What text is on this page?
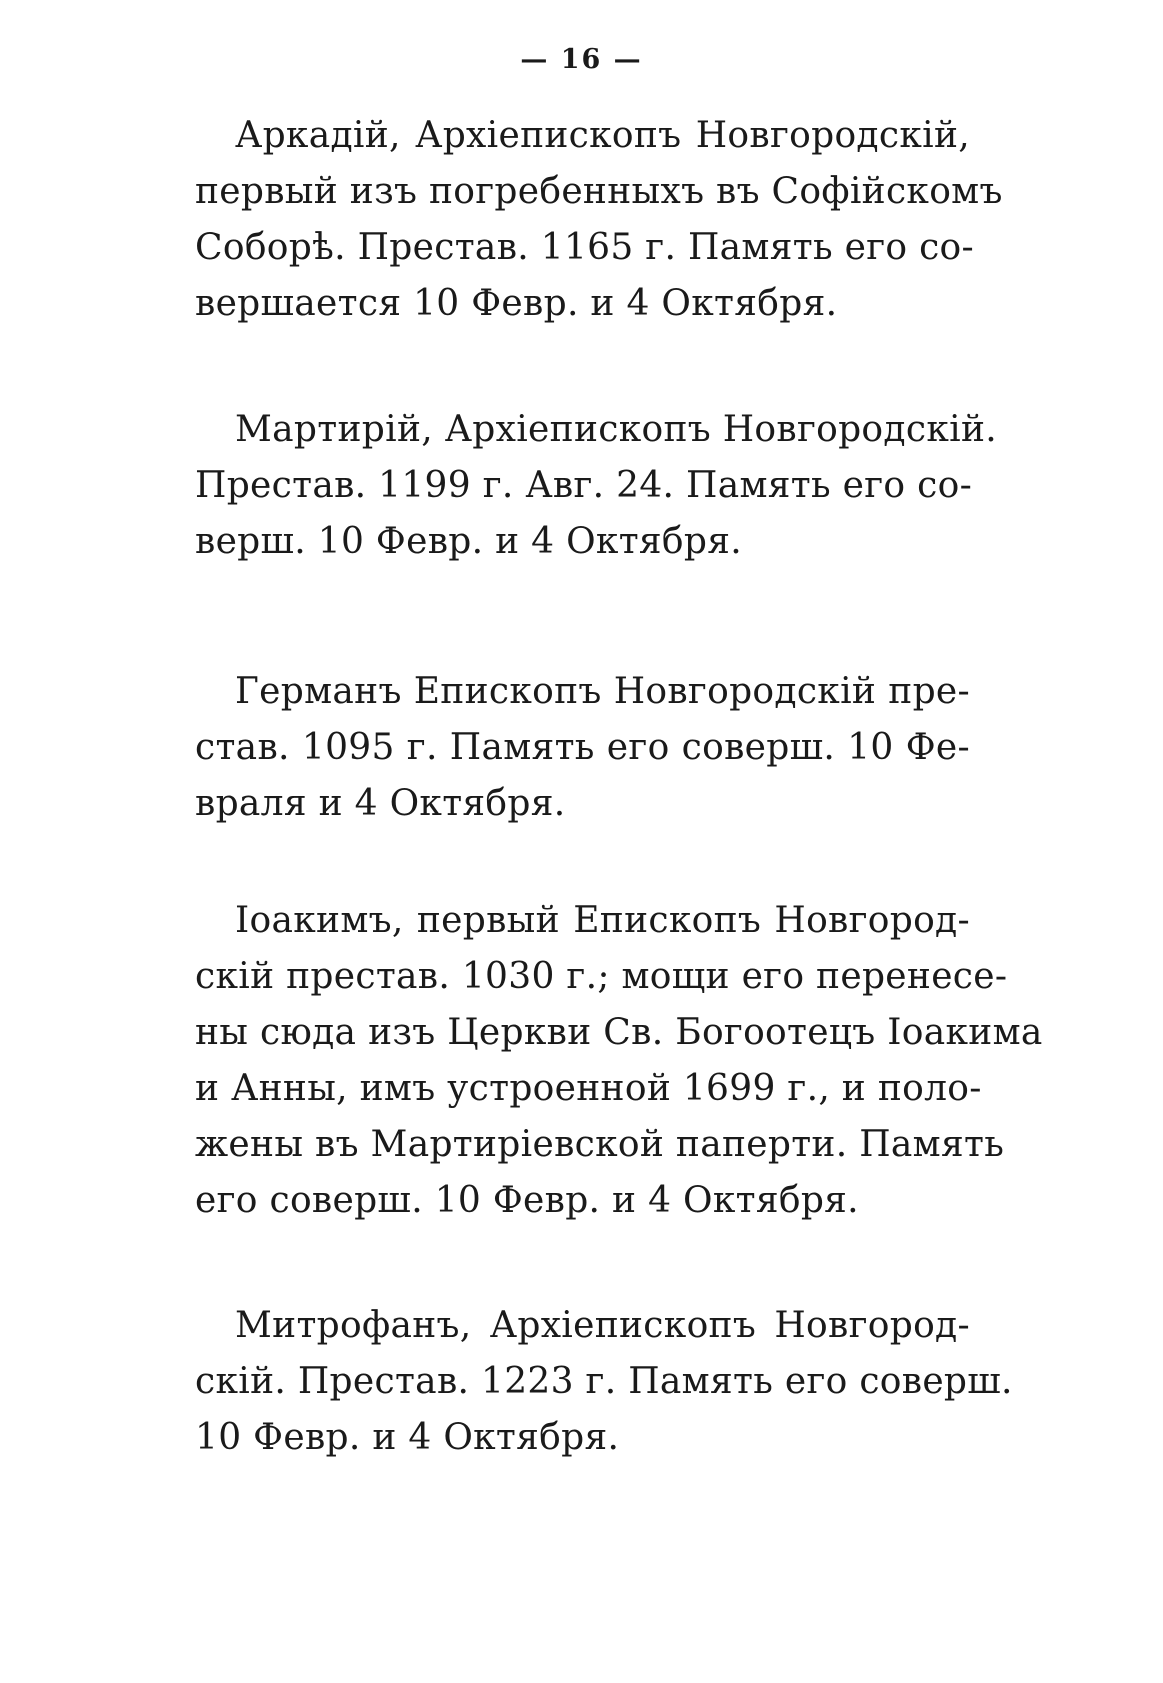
— 16 —
Аркадій, Архіепископъ Новгородскій,
первый изъ погребенныхъ въ Софійскомъ
Соборѣ. Престав. 1165 г. Память его со-
вершается 10 Февр. и 4 Октября.
Мартирій, Архіепископъ Новгородскій.
Престав. 1199 г. Авг. 24. Память его со-
верш. 10 Февр. и 4 Октября.
Германъ Епископъ Новгородскій пре-
став. 1095 г. Память его соверш. 10 Фе-
враля и 4 Октября.
Іоакимъ, первый Епископъ Новгород-
скій престав. 1030 г.; мощи его перенесе-
ны сюда изъ Церкви Св. Богоотецъ Іоакима
и Анны, имъ устроенной 1699 г., и поло-
жены въ Мартиріевской паперти. Память
его соверш. 10 Февр. и 4 Октября.
Митрофанъ, Архіепископъ Новгород-
скій. Престав. 1223 г. Память его соверш.
10 Февр. и 4 Октября.
